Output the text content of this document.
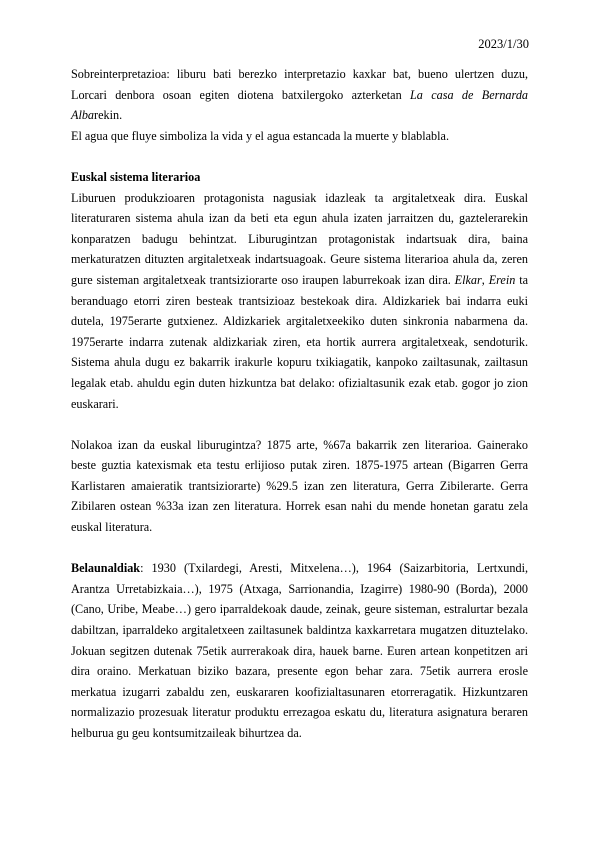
2023/1/30

Sobreinterpretazioa: liburu bati berezko interpretazio kaxkar bat, bueno ulertzen duzu, Lorcari denbora osoan egiten diotena batxilergoko azterketan La casa de Bernarda Albarekin.

El agua que fluye simboliza la vida y el agua estancada la muerte y blablabla.

Euskal sistema literarioa

Liburuen produkzioaren protagonista nagusiak idazleak ta argitaletxeak dira. Euskal literaturaren sistema ahula izan da beti eta egun ahula izaten jarraitzen du, gaztelerarekin konparatzen badugu behintzat. Liburugintzan protagonistak indartsuak dira, baina merkaturatzen dituzten argitaletxeak indartsuagoak. Geure sistema literarioa ahula da, zeren gure sisteman argitaletxeak trantsiziorarte oso iraupen laburrekoak izan dira. Elkar, Erein ta beranduago etorri ziren besteak trantsizioaz bestekoak dira. Aldizkariek bai indarra euki dutela, 1975erarte gutxienez. Aldizkariek argitaletxeekiko duten sinkronia nabarmena da. 1975erarte indarra zutenak aldizkariak ziren, eta hortik aurrera argitaletxeak, sendoturik. Sistema ahula dugu ez bakarrik irakurle kopuru txikiagatik, kanpoko zailtasunak, zailtasun legalak etab. ahuldu egin duten hizkuntza bat delako: ofizialtasunik ezak etab. gogor jo zion euskarari.

Nolakoa izan da euskal liburugintza? 1875 arte, %67a bakarrik zen literarioa. Gainerako beste guztia katexismak eta testu erlijioso putak ziren. 1875-1975 artean (Bigarren Gerra Karlistaren amaieratik trantsiziorarte) %29.5 izan zen literatura, Gerra Zibilerarte. Gerra Zibilaren ostean %33a izan zen literatura. Horrek esan nahi du mende honetan garatu zela euskal literatura.

Belaunaldiak: 1930 (Txilardegi, Aresti, Mitxelena…), 1964 (Saizarbitoria, Lertxundi, Arantza Urretabizkaia…), 1975 (Atxaga, Sarrionandia, Izagirre) 1980-90 (Borda), 2000 (Cano, Uribe, Meabe…) gero iparraldekoak daude, zeinak, geure sisteman, estralurtar bezala dabiltzan, iparraldeko argitaletxeen zailtasunek baldintza kaxkarretara mugatzen dituztelako. Jokuan segitzen dutenak 75etik aurrerakoak dira, hauek barne. Euren artean konpetitzen ari dira oraino. Merkatuan biziko bazara, presente egon behar zara. 75etik aurrera erosle merkatua izugarri zabaldu zen, euskararen koofizialtasunaren etorreragatik. Hizkuntzaren normalizazio prozesuak literatur produktu errezagoa eskatu du, literatura asignatura beraren helburua gu geu kontsumitzaileak bihurtzea da.
